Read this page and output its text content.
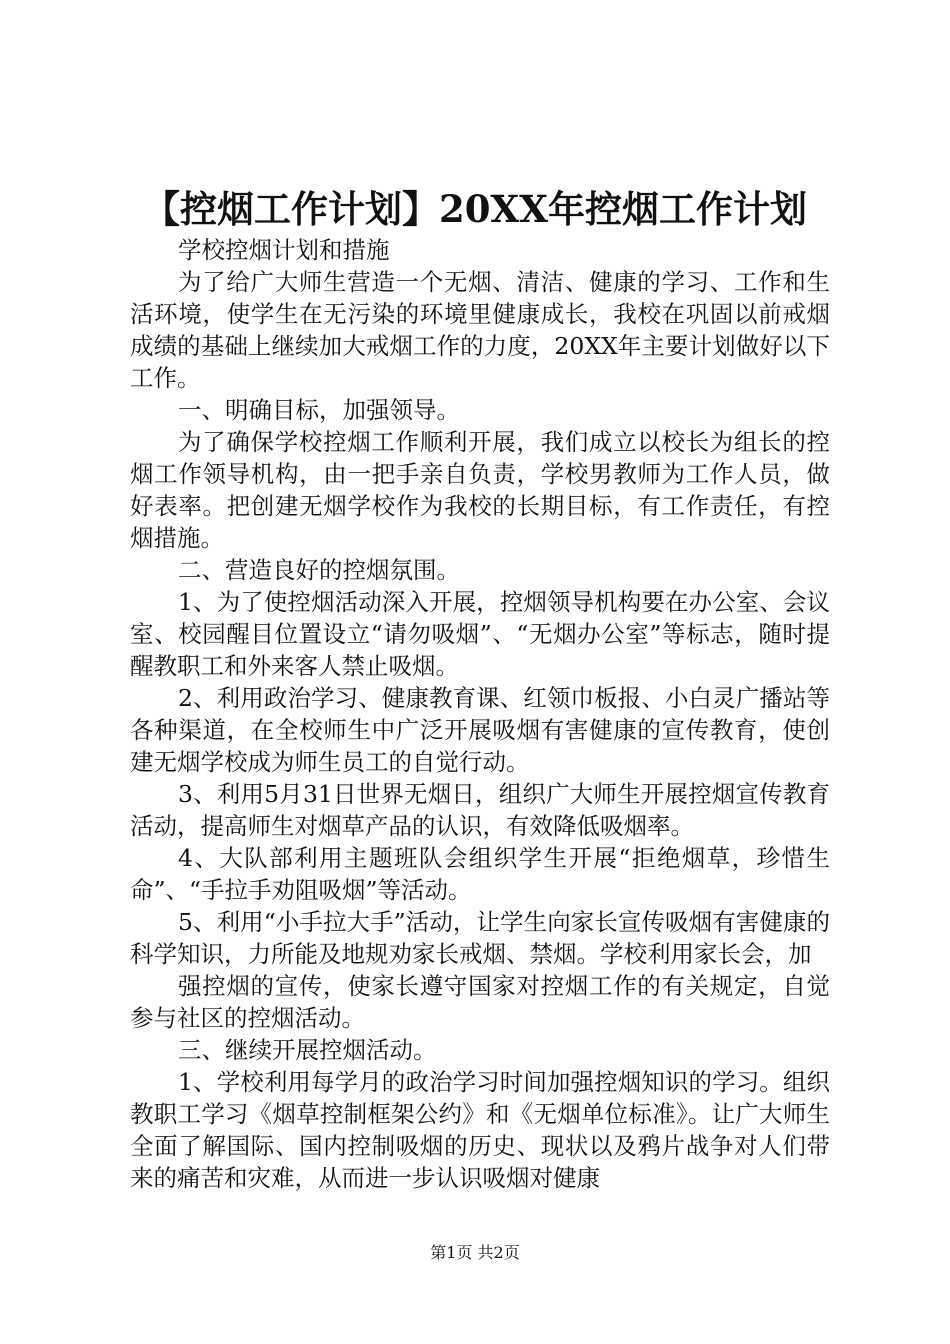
【控烟工作计划】20XX年控烟工作计划

学校控烟计划和措施

为了给广大师生营造一个无烟、清洁、健康的学习、工作和生活环境，使学生在无污染的环境里健康成长，我校在巩固以前戒烟成绩的基础上继续加大戒烟工作的力度，20XX年主要计划做好以下工作。

一、明确目标，加强领导。

为了确保学校控烟工作顺利开展，我们成立以校长为组长的控烟工作领导机构，由一把手亲自负责，学校男教师为工作人员，做好表率。把创建无烟学校作为我校的长期目标，有工作责任，有控烟措施。

二、营造良好的控烟氛围。

1、为了使控烟活动深入开展，控烟领导机构要在办公室、会议室、校园醒目位置设立“请勿吸烟”、“无烟办公室”等标志，随时提醒教职工和外来客人禁止吸烟。

2、利用政治学习、健康教育课、红领巾板报、小白灵广播站等各种渠道，在全校师生中广泛开展吸烟有害健康的宣传教育，使创建无烟学校成为师生员工的自觉行动。

3、利用5月31日世界无烟日，组织广大师生开展控烟宣传教育活动，提高师生对烟草产品的认识，有效降低吸烟率。

4、大队部利用主题班队会组织学生开展“拒绝烟草，珍惜生命”、“手拉手劝阻吸烟”等活动。

5、利用“小手拉大手”活动，让学生向家长宣传吸烟有害健康的科学知识，力所能及地规劝家长戒烟、禁烟。学校利用家长会，加

强控烟的宣传，使家长遵守国家对控烟工作的有关规定，自觉参与社区的控烟活动。

三、继续开展控烟活动。

1、学校利用每学月的政治学习时间加强控烟知识的学习。组织教职工学习《烟草控制框架公约》和《无烟单位标准》。让广大师生全面了解国际、国内控制吸烟的历史、现状以及鸦片战争对人们带来的痛苦和灾难，从而进一步认识吸烟对健康

第1页 共2页
